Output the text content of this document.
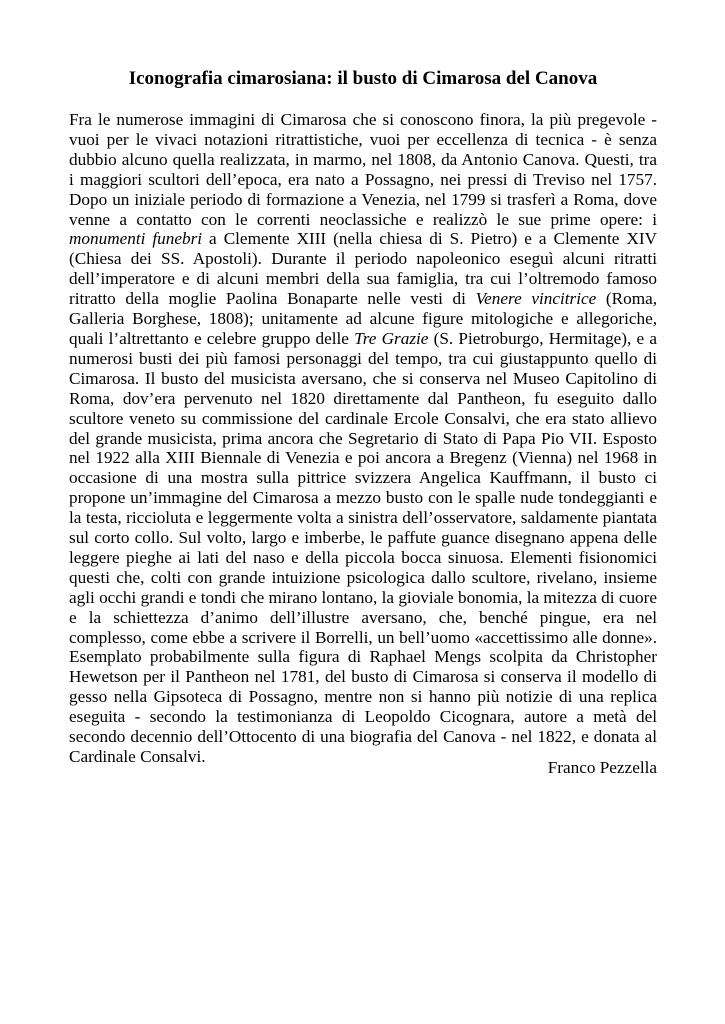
Iconografia cimarosiana: il busto di Cimarosa del Canova

Fra le numerose immagini di Cimarosa che si conoscono finora, la più pregevole - vuoi per le vivaci notazioni ritrattistiche, vuoi per eccellenza di tecnica - è senza dubbio alcuno quella realizzata, in marmo, nel 1808, da Antonio Canova. Questi, tra i maggiori scultori dell’epoca, era nato a Possagno, nei pressi di Treviso nel 1757. Dopo un iniziale periodo di formazione a Venezia, nel 1799 si trasferì a Roma, dove venne a contatto con le correnti neoclassiche e realizzò le sue prime opere: i monumenti funebri a Clemente XIII (nella chiesa di S. Pietro) e a Clemente XIV (Chiesa dei SS. Apostoli). Durante il periodo napoleonico eseguì alcuni ritratti dell’imperatore e di alcuni membri della sua famiglia, tra cui l’oltremodo famoso ritratto della moglie Paolina Bonaparte nelle vesti di Venere vincitrice (Roma, Galleria Borghese, 1808); unitamente ad alcune figure mitologiche e allegoriche, quali l’altrettanto e celebre gruppo delle Tre Grazie (S. Pietroburgo, Hermitage), e a numerosi busti dei più famosi personaggi del tempo, tra cui giustappunto quello di Cimarosa. Il busto del musicista aversano, che si conserva nel Museo Capitolino di Roma, dov’era pervenuto nel 1820 direttamente dal Pantheon, fu eseguito dallo scultore veneto su commissione del cardinale Ercole Consalvi, che era stato allievo del grande musicista, prima ancora che Segretario di Stato di Papa Pio VII. Esposto nel 1922 alla XIII Biennale di Venezia e poi ancora a Bregenz (Vienna) nel 1968 in occasione di una mostra sulla pittrice svizzera Angelica Kauffmann, il busto ci propone un’immagine del Cimarosa a mezzo busto con le spalle nude tondeggianti e la testa, riccioluta e leggermente volta a sinistra dell’osservatore, saldamente piantata sul corto collo. Sul volto, largo e imberbe, le paffute guance disegnano appena delle leggere pieghe ai lati del naso e della piccola bocca sinuosa. Elementi fisionomici questi che, colti con grande intuizione psicologica dallo scultore, rivelano, insieme agli occhi grandi e tondi che mirano lontano, la gioviale bonomia, la mitezza di cuore e la schiettezza d’animo dell’illustre aversano, che, benché pingue, era nel complesso, come ebbe a scrivere il Borrelli, un bell’uomo «accettissimo alle donne». Esemplato probabilmente sulla figura di Raphael Mengs scolpita da Christopher Hewetson per il Pantheon nel 1781, del busto di Cimarosa si conserva il modello di gesso nella Gipsoteca di Possagno, mentre non si hanno più notizie di una replica eseguita - secondo la testimonianza di Leopoldo Cicognara, autore a metà del secondo decennio dell’Ottocento di una biografia del Canova - nel 1822, e donata al Cardinale Consalvi.

Franco Pezzella
